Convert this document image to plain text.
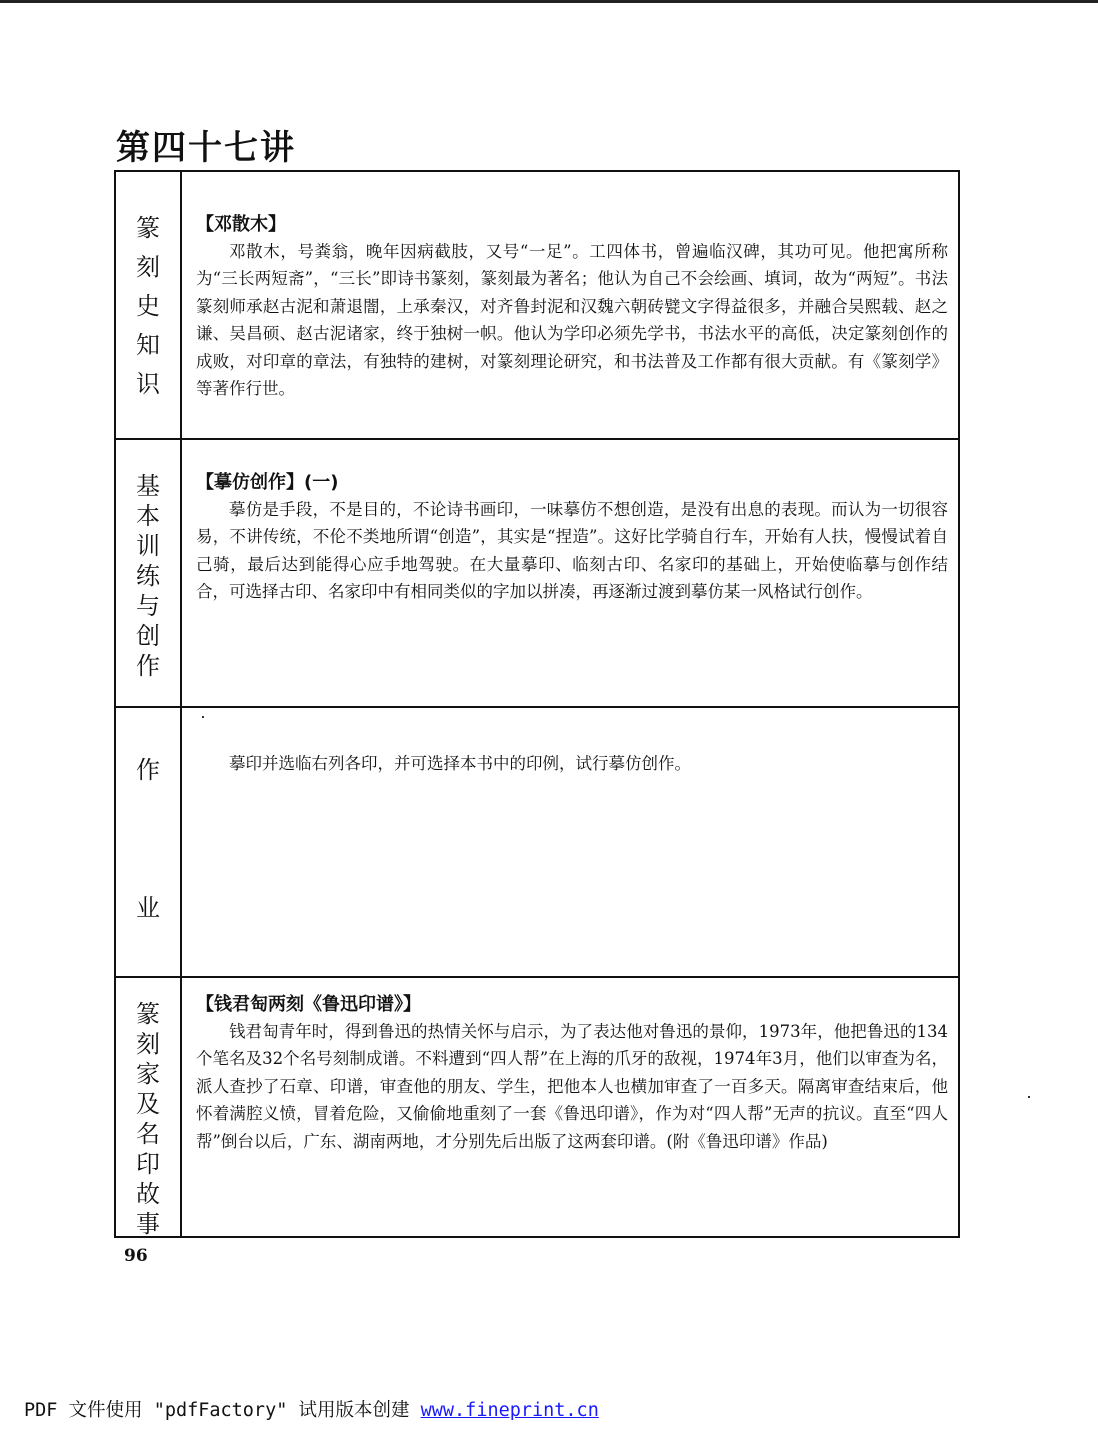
第四十七讲
篆
刻
史
知
识
【邓散木】

邓散木，号粪翁，晚年因病截肢，又号“一足”。工四体书，曾遍临汉碑，其功可见。他把寓所称为“三长两短斋”，“三长”即诗书篆刻，篆刻最为著名；他认为自己不会绘画、填词，故为“两短”。书法篆刻师承赵古泥和萧退闇，上承秦汉，对齐鲁封泥和汉魏六朝砖甓文字得益很多，并融合吴熙载、赵之谦、吴昌硕、赵古泥诸家，终于独树一帜。他认为学印必须先学书，书法水平的高低，决定篆刻创作的成败，对印章的章法，有独特的建树，对篆刻理论研究，和书法普及工作都有很大贡献。有《篆刻学》等著作行世。

基
本
训
练
与
创
作
【摹仿创作】(一)

摹仿是手段，不是目的，不论诗书画印，一味摹仿不想创造，是没有出息的表现。而认为一切很容易，不讲传统，不伦不类地所谓“创造”，其实是“捏造”。这好比学骑自行车，开始有人扶，慢慢试着自己骑，最后达到能得心应手地驾驶。在大量摹印、临刻古印、名家印的基础上，开始使临摹与创作结合，可选择古印、名家印中有相同类似的字加以拼凑，再逐渐过渡到摹仿某一风格试行创作。

作
业

摹印并选临右列各印，并可选择本书中的印例，试行摹仿创作。

篆
刻
家
及
名
印
故
事
【钱君匋两刻《鲁迅印谱》】

钱君匋青年时，得到鲁迅的热情关怀与启示，为了表达他对鲁迅的景仰，1973年，他把鲁迅的134个笔名及32个名号刻制成谱。不料遭到“四人帮”在上海的爪牙的敌视，1974年3月，他们以审查为名，派人查抄了石章、印谱，审查他的朋友、学生，把他本人也横加审查了一百多天。隔离审查结束后，他怀着满腔义愤，冒着危险，又偷偷地重刻了一套《鲁迅印谱》，作为对“四人帮”无声的抗议。直至“四人帮”倒台以后，广东、湖南两地，才分别先后出版了这两套印谱。(附《鲁迅印谱》作品)

96
PDF 文件使用 "pdfFactory" 试用版本创建 www.fineprint.cn
